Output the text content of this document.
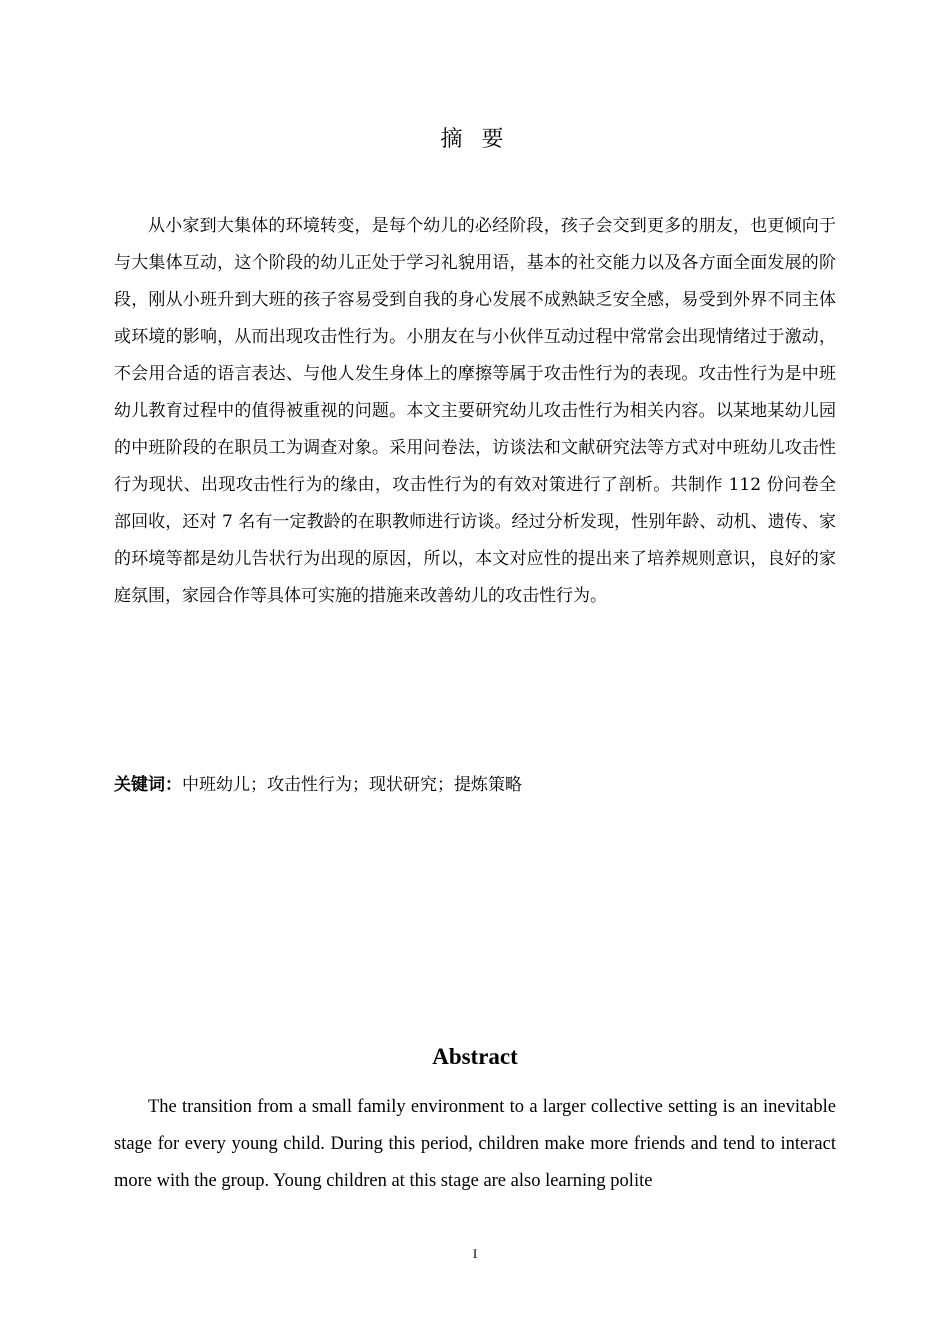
摘 要

从小家到大集体的环境转变，是每个幼儿的必经阶段，孩子会交到更多的朋友，也更倾向于与大集体互动，这个阶段的幼儿正处于学习礼貌用语，基本的社交能力以及各方面全面发展的阶段，刚从小班升到大班的孩子容易受到自我的身心发展不成熟缺乏安全感，易受到外界不同主体或环境的影响，从而出现攻击性行为。小朋友在与小伙伴互动过程中常常会出现情绪过于激动，不会用合适的语言表达、与他人发生身体上的摩擦等属于攻击性行为的表现。攻击性行为是中班幼儿教育过程中的值得被重视的问题。本文主要研究幼儿攻击性行为相关内容。以某地某幼儿园的中班阶段的在职员工为调查对象。采用问卷法，访谈法和文献研究法等方式对中班幼儿攻击性行为现状、出现攻击性行为的缘由，攻击性行为的有效对策进行了剖析。共制作 112 份问卷全部回收，还对 7 名有一定教龄的在职教师进行访谈。经过分析发现，性别年龄、动机、遗传、家的环境等都是幼儿告状行为出现的原因，所以，本文对应性的提出来了培养规则意识，良好的家庭氛围，家园合作等具体可实施的措施来改善幼儿的攻击性行为。

关键词：中班幼儿；攻击性行为；现状研究；提炼策略

Abstract

The transition from a small family environment to a larger collective setting is an inevitable stage for every young child. During this period, children make more friends and tend to interact more with the group. Young children at this stage are also learning polite

I
